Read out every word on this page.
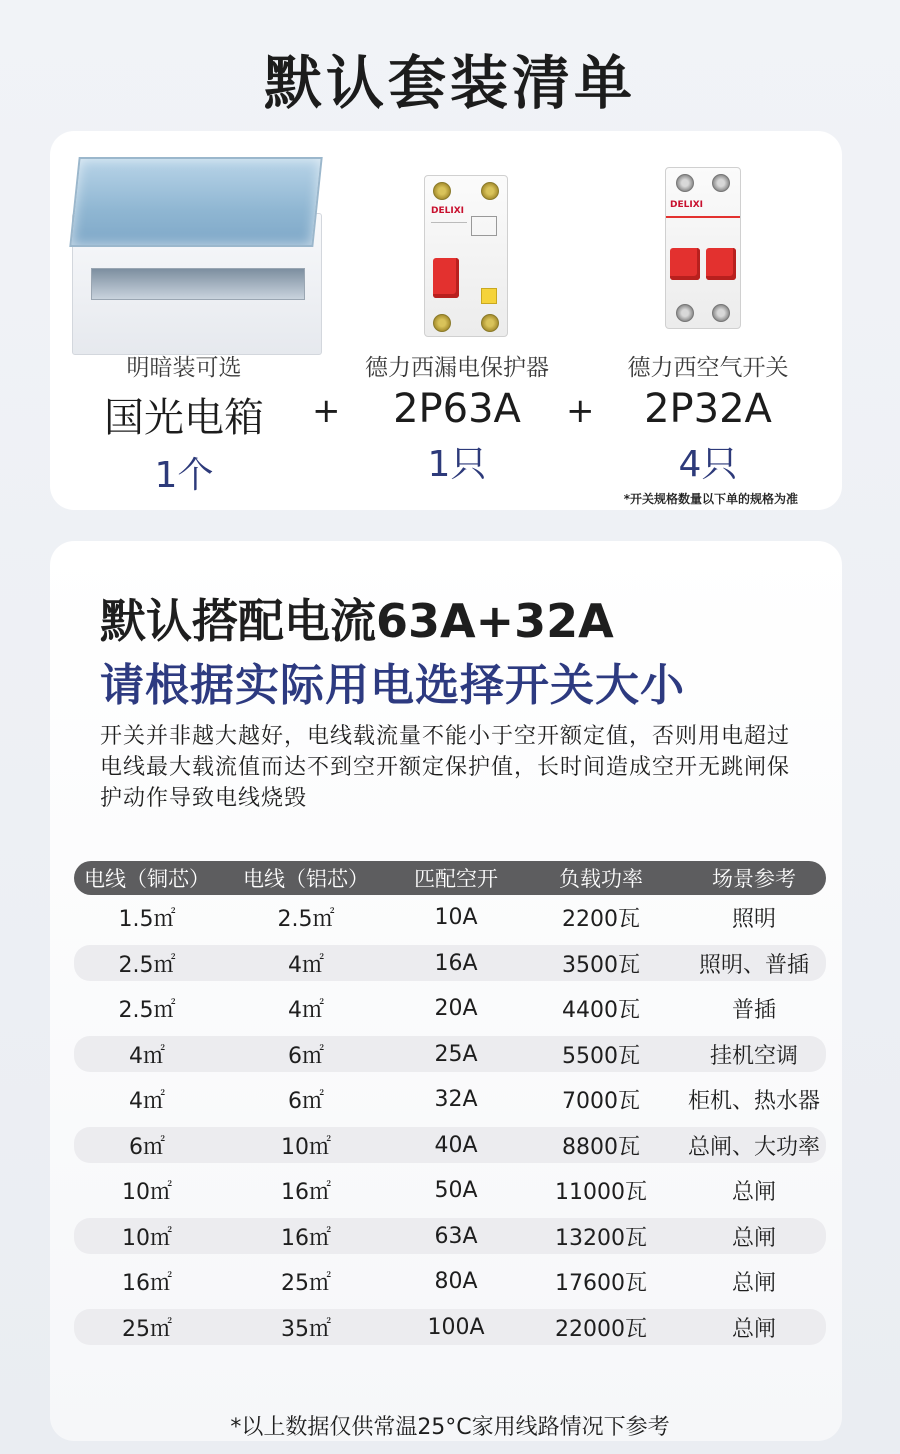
默认套装清单
DELIXI
DELIXI
明暗装可选
国光电箱
1个
+
德力西漏电保护器
2P63A
1只
+
德力西空气开关
2P32A
4只
*开关规格数量以下单的规格为准
默认搭配电流63A+32A
请根据实际用电选择开关大小
开关并非越大越好，电线载流量不能小于空开额定值，否则用电超过电线最大载流值而达不到空开额定保护值，长时间造成空开无跳闸保护动作导致电线烧毁
电线（铜芯）	电线（铝芯）	匹配空开	负载功率	场景参考
1.5㎡	2.5㎡	10A	2200瓦	照明
2.5㎡	4㎡	16A	3500瓦	照明、普插
2.5㎡	4㎡	20A	4400瓦	普插
4㎡	6㎡	25A	5500瓦	挂机空调
4㎡	6㎡	32A	7000瓦	柜机、热水器
6㎡	10㎡	40A	8800瓦	总闸、大功率
10㎡	16㎡	50A	11000瓦	总闸
10㎡	16㎡	63A	13200瓦	总闸
16㎡	25㎡	80A	17600瓦	总闸
25㎡	35㎡	100A	22000瓦	总闸
*以上数据仅供常温25°C家用线路情况下参考
